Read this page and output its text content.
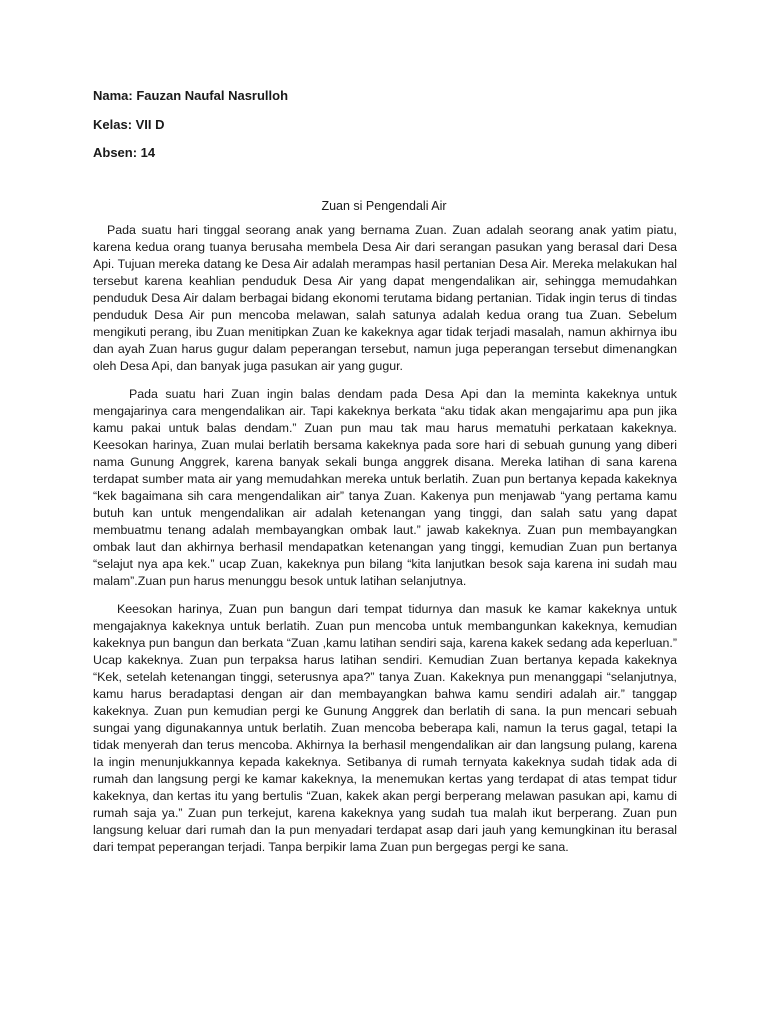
Nama: Fauzan Naufal Nasrulloh
Kelas: VII D
Absen: 14
Zuan si Pengendali Air

Pada suatu hari tinggal seorang anak yang bernama Zuan. Zuan adalah seorang anak yatim piatu, karena kedua orang tuanya berusaha membela Desa Air dari serangan pasukan yang berasal dari Desa Api. Tujuan mereka datang ke Desa Air adalah merampas hasil pertanian Desa Air. Mereka melakukan hal tersebut karena keahlian penduduk Desa Air yang dapat mengendalikan air, sehingga memudahkan penduduk Desa Air dalam berbagai bidang ekonomi terutama bidang pertanian. Tidak ingin terus di tindas penduduk Desa Air pun mencoba melawan, salah satunya adalah kedua orang tua Zuan. Sebelum mengikuti perang, ibu Zuan menitipkan Zuan ke kakeknya agar tidak terjadi masalah, namun akhirnya ibu dan ayah Zuan harus gugur dalam peperangan tersebut, namun juga peperangan tersebut dimenangkan oleh Desa Api, dan banyak juga pasukan air yang gugur.

Pada suatu hari Zuan ingin balas dendam pada Desa Api dan Ia meminta kakeknya untuk mengajarinya cara mengendalikan air. Tapi kakeknya berkata “aku tidak akan mengajarimu apa pun jika kamu pakai untuk balas dendam.” Zuan pun mau tak mau harus mematuhi perkataan kakeknya. Keesokan harinya, Zuan mulai berlatih bersama kakeknya pada sore hari di sebuah gunung yang diberi nama Gunung Anggrek, karena banyak sekali bunga anggrek disana. Mereka latihan di sana karena terdapat sumber mata air yang memudahkan mereka untuk berlatih. Zuan pun bertanya kepada kakeknya “kek bagaimana sih cara mengendalikan air” tanya Zuan. Kakenya pun menjawab “yang pertama kamu butuh kan untuk mengendalikan air adalah ketenangan yang tinggi, dan salah satu yang dapat membuatmu tenang adalah membayangkan ombak laut.” jawab kakeknya. Zuan pun membayangkan ombak laut dan akhirnya berhasil mendapatkan ketenangan yang tinggi, kemudian Zuan pun bertanya “selajut nya apa kek.” ucap Zuan, kakeknya pun bilang “kita lanjutkan besok saja karena ini sudah mau malam”.Zuan pun harus menunggu besok untuk latihan selanjutnya.

Keesokan harinya, Zuan pun bangun dari tempat tidurnya dan masuk ke kamar kakeknya untuk mengajaknya kakeknya untuk berlatih. Zuan pun mencoba untuk membangunkan kakeknya, kemudian kakeknya pun bangun dan berkata “Zuan ,kamu latihan sendiri saja, karena kakek sedang ada keperluan.” Ucap kakeknya. Zuan pun terpaksa harus latihan sendiri. Kemudian Zuan bertanya kepada kakeknya “Kek, setelah ketenangan tinggi, seterusnya apa?” tanya Zuan. Kakeknya pun menanggapi “selanjutnya, kamu harus beradaptasi dengan air dan membayangkan bahwa kamu sendiri adalah air.” tanggap kakeknya. Zuan pun kemudian pergi ke Gunung Anggrek dan berlatih di sana. Ia pun mencari sebuah sungai yang digunakannya untuk berlatih. Zuan mencoba beberapa kali, namun Ia terus gagal, tetapi Ia tidak menyerah dan terus mencoba. Akhirnya Ia berhasil mengendalikan air dan langsung pulang, karena Ia ingin menunjukkannya kepada kakeknya. Setibanya di rumah ternyata kakeknya sudah tidak ada di rumah dan langsung pergi ke kamar kakeknya, Ia menemukan kertas yang terdapat di atas tempat tidur kakeknya, dan kertas itu yang bertulis “Zuan, kakek akan pergi berperang melawan pasukan api, kamu di rumah saja ya.” Zuan pun terkejut, karena kakeknya yang sudah tua malah ikut berperang. Zuan pun langsung keluar dari rumah dan Ia pun menyadari terdapat asap dari jauh yang kemungkinan itu berasal dari tempat peperangan terjadi. Tanpa berpikir lama Zuan pun bergegas pergi ke sana.
